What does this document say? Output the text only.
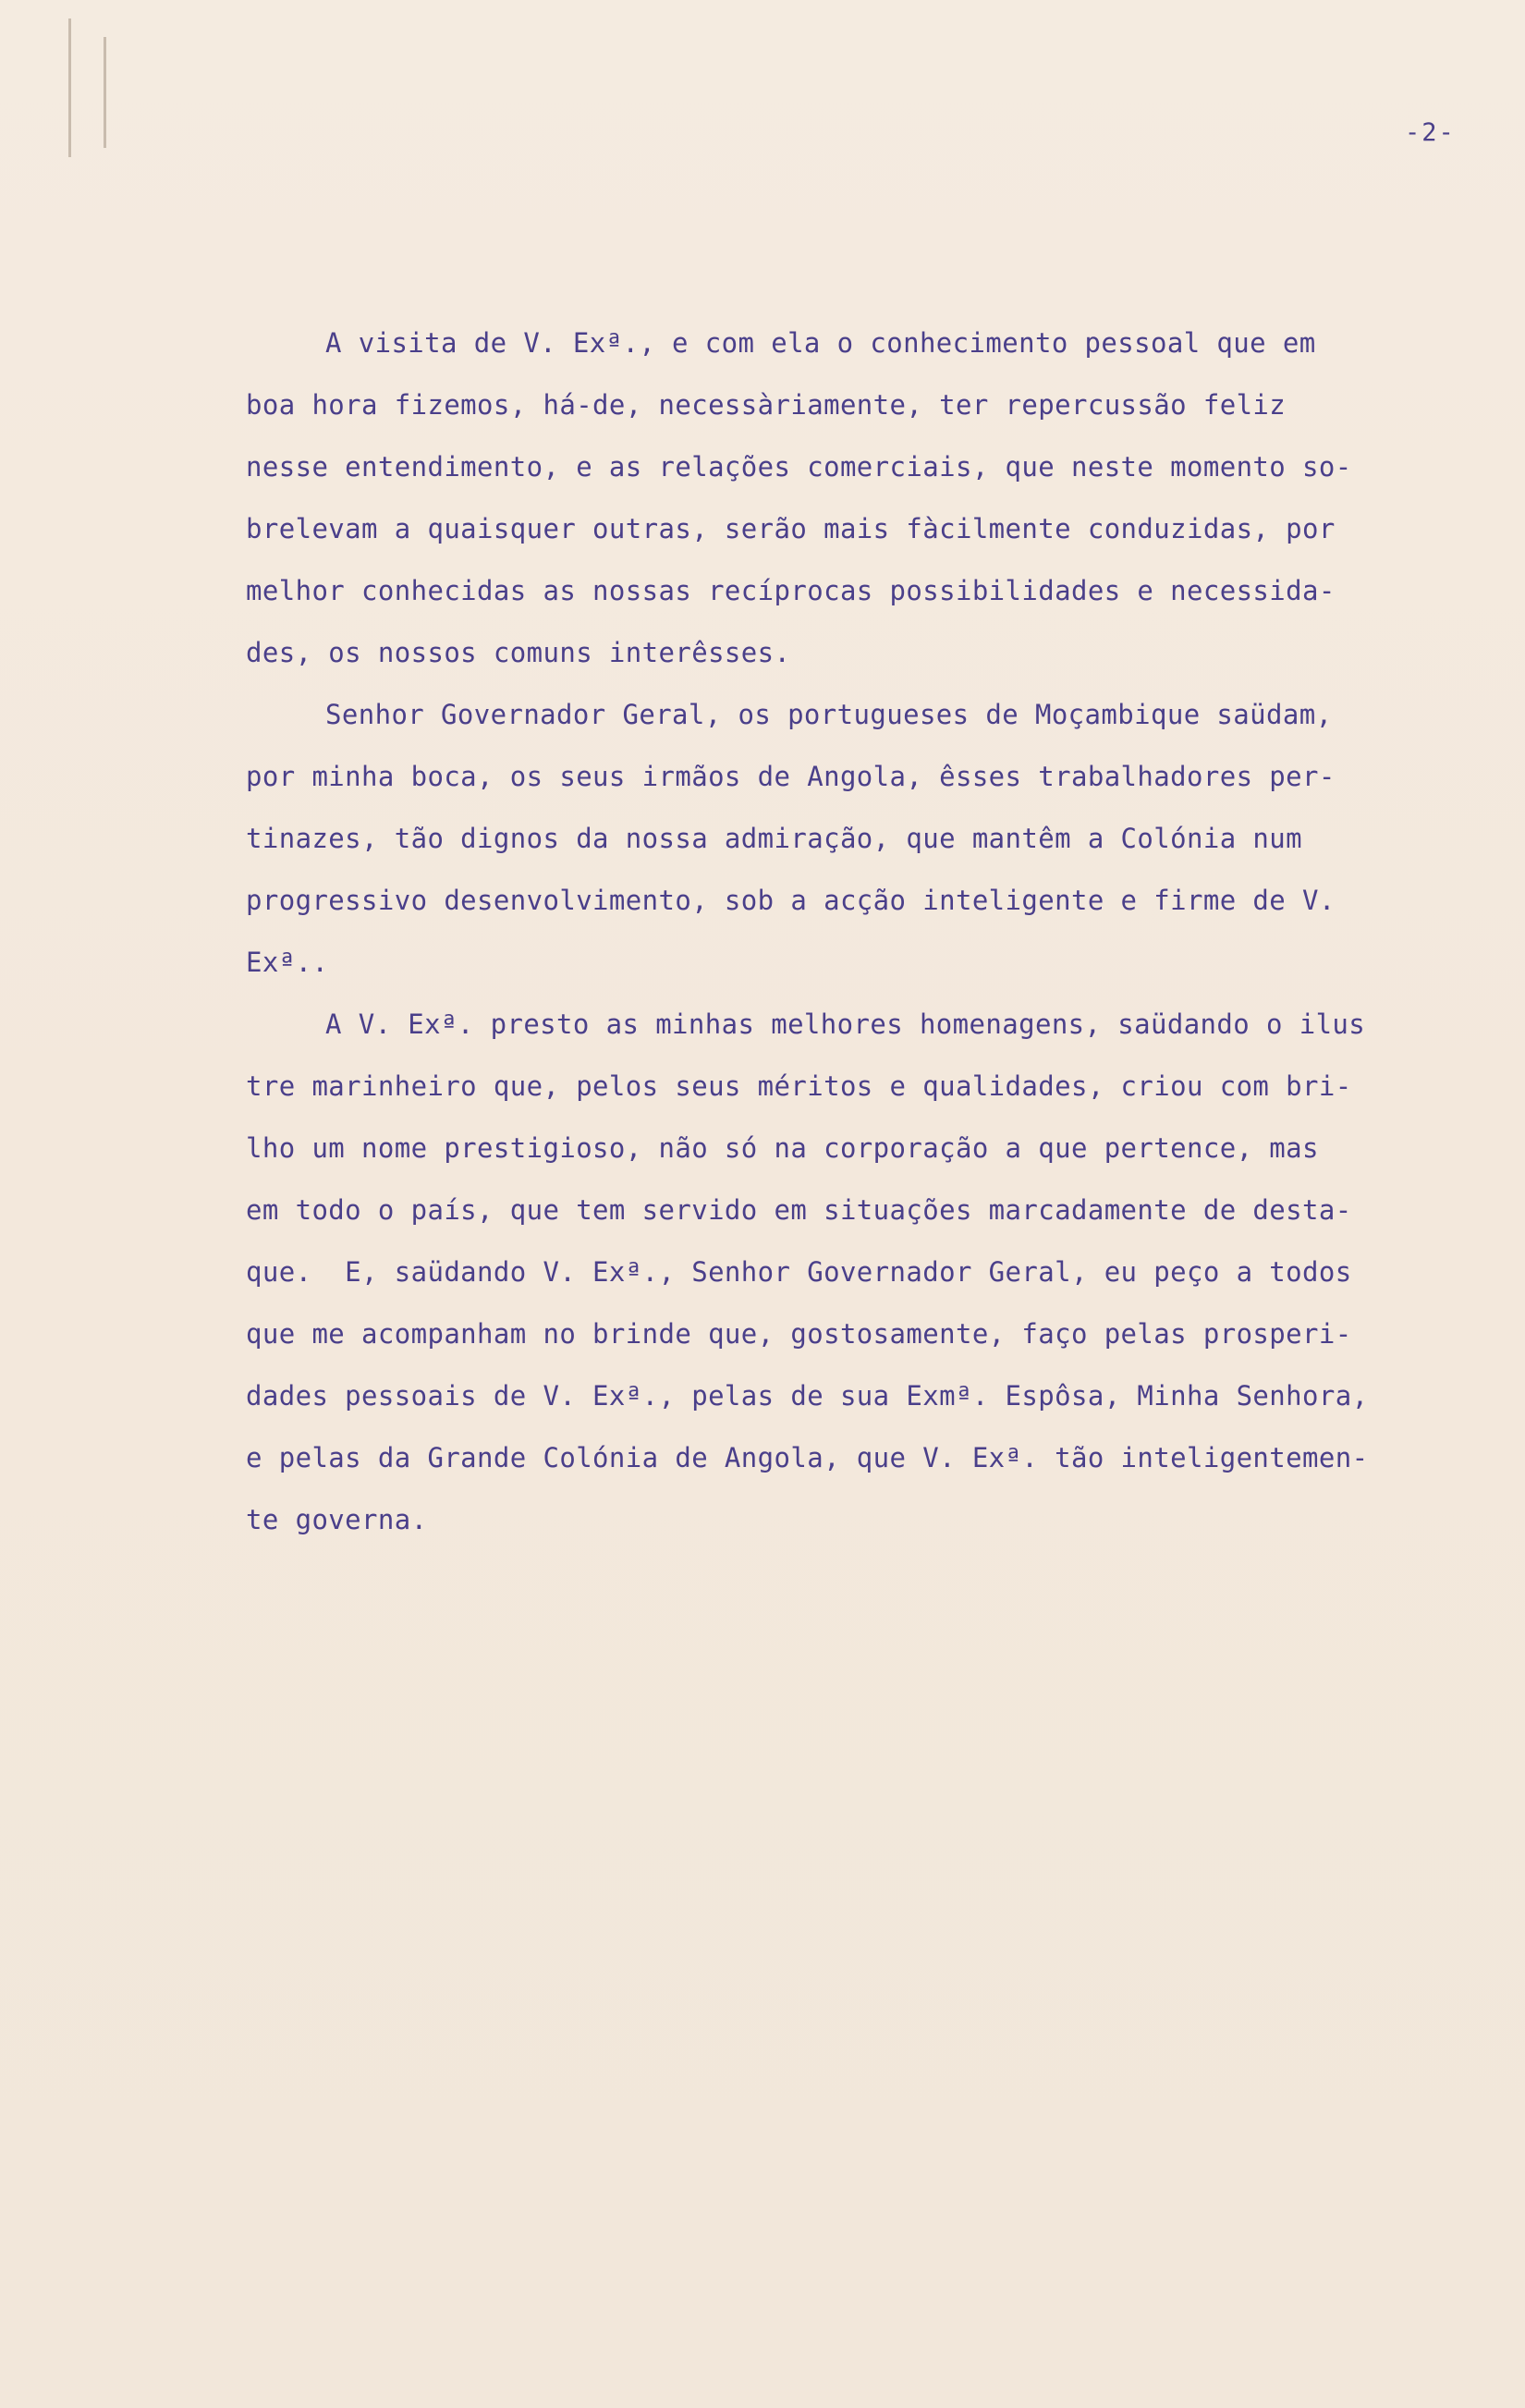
-2-
A visita de V. Exª., e com ela o conhecimento pessoal que em
boa hora fizemos, há-de, necessàriamente, ter repercussão feliz
nesse entendimento, e as relações comerciais, que neste momento so-
brelevam a quaisquer outras, serão mais fàcilmente conduzidas, por
melhor conhecidas as nossas recíprocas possibilidades e necessida-
des, os nossos comuns interêsses.
Senhor Governador Geral, os portugueses de Moçambique saüdam,
por minha boca, os seus irmãos de Angola, êsses trabalhadores per-
tinazes, tão dignos da nossa admiração, que mantêm a Colónia num
progressivo desenvolvimento, sob a acção inteligente e firme de V.
Exª..
A V. Exª. presto as minhas melhores homenagens, saüdando o ilus
tre marinheiro que, pelos seus méritos e qualidades, criou com bri-
lho um nome prestigioso, não só na corporação a que pertence, mas
em todo o país, que tem servido em situações marcadamente de desta-
que.  E, saüdando V. Exª., Senhor Governador Geral, eu peço a todos
que me acompanham no brinde que, gostosamente, faço pelas prosperi-
dades pessoais de V. Exª., pelas de sua Exmª. Espôsa, Minha Senhora,
e pelas da Grande Colónia de Angola, que V. Exª. tão inteligentemen-
te governa.
